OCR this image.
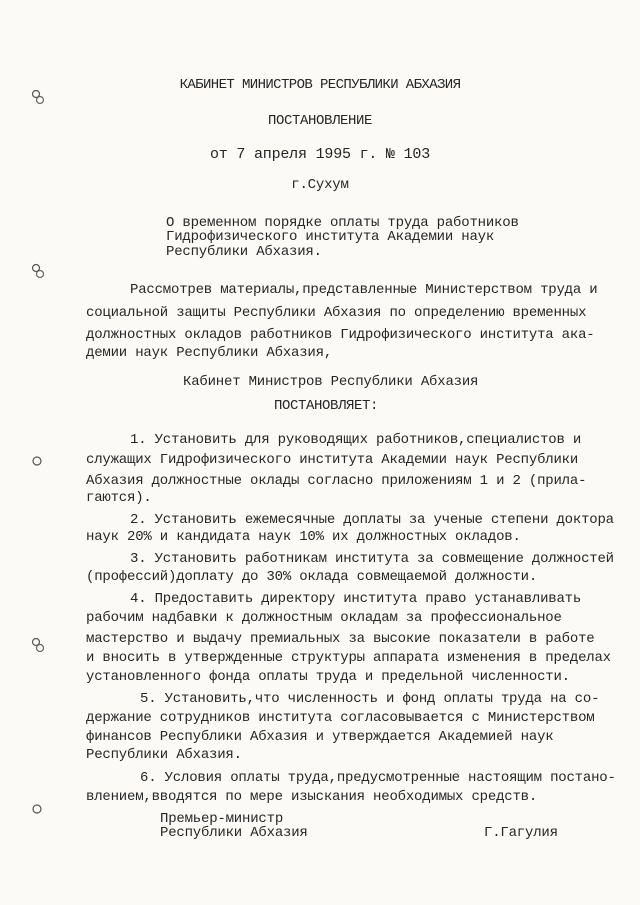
КАБИНЕТ МИНИСТРОВ РЕСПУБЛИКИ АБХАЗИЯ
ПОСТАНОВЛЕНИЕ
от 7 апреля 1995 г. № 103
г.Сухум
О временном порядке оплаты труда работников
Гидрофизического института Академии наук
Республики Абхазия.
Рассмотрев материалы,представленные Министерством труда и
социальной защиты Республики Абхазия по определению временных
должностных окладов работников Гидрофизического института ака-
демии наук Республики Абхазия,
Кабинет Министров Республики Абхазия
ПОСТАНОВЛЯЕТ:
1. Установить для руководящих работников,специалистов и
служащих Гидрофизического института Академии наук Республики
Абхазия должностные оклады согласно приложениям 1 и 2 (прила-
гаются).
2. Установить ежемесячные доплаты за ученые степени доктора
наук 20% и кандидата наук 10% их должностных окладов.
3. Установить работникам института за совмещение должностей
(профессий)доплату до 30% оклада совмещаемой должности.
4. Предоставить директору института право устанавливать
рабочим надбавки к должностным окладам за профессиональное
мастерство и выдачу премиальных за высокие показатели в работе
и вносить в утвержденные структуры аппарата изменения в пределах
установленного фонда оплаты труда и предельной численности.
5. Установить,что численность и фонд оплаты труда на со-
держание сотрудников института согласовывается с Министерством
финансов Республики Абхазия и утверждается Академией наук
Республики Абхазия.
6. Условия оплаты труда,предусмотренные настоящим постано-
влением,вводятся по мере изыскания необходимых средств.
Премьер-министр
Республики Абхазия	Г.Гагулия
